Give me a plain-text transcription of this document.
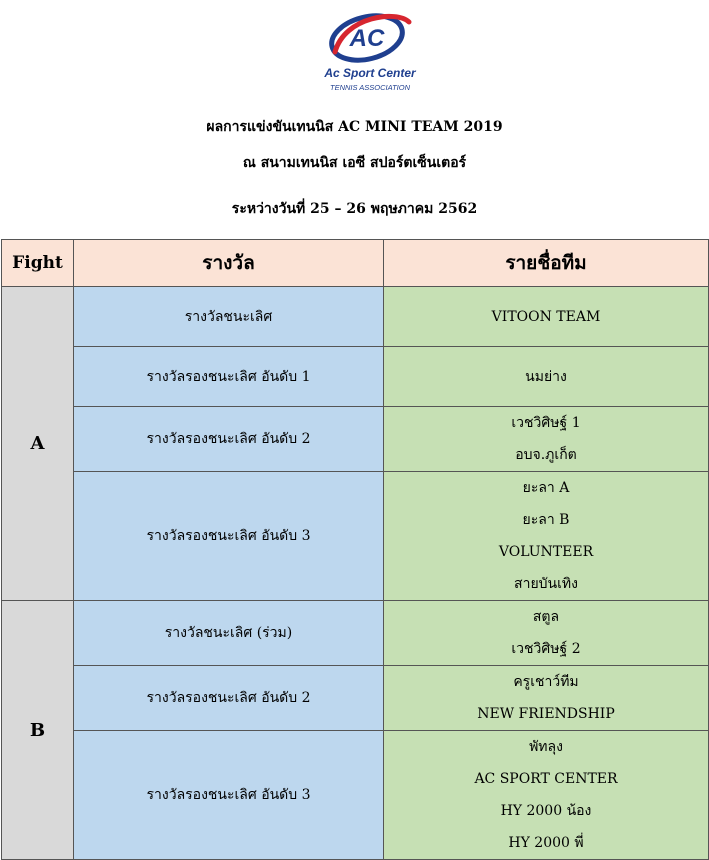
AC
Ac Sport Center
TENNIS ASSOCIATION
ผลการแข่งขันเทนนิส AC MINI TEAM 2019
ณ สนามเทนนิส เอซี สปอร์ตเซ็นเตอร์
ระหว่างวันที่ 25 – 26 พฤษภาคม 2562
Fight	รางวัล	รายชื่อทีม
A	รางวัลชนะเลิศ	VITOON TEAM

	รางวัลรองชนะเลิศ อันดับ 1	นมย่าง

	รางวัลรองชนะเลิศ อันดับ 2	เวชวิศิษฐ์ 1
อบจ.ภูเก็ต

	รางวัลรองชนะเลิศ อันดับ 3	ยะลา A
ยะลา B
VOLUNTEER
สายบันเทิง

B	รางวัลชนะเลิศ (ร่วม)	สตูล
เวชวิศิษฐ์ 2

	รางวัลรองชนะเลิศ อันดับ 2	ครูเชาว์ทีม
NEW FRIENDSHIP

	รางวัลรองชนะเลิศ อันดับ 3	พัทลุง
AC SPORT CENTER
HY 2000 น้อง
HY 2000 พี่
